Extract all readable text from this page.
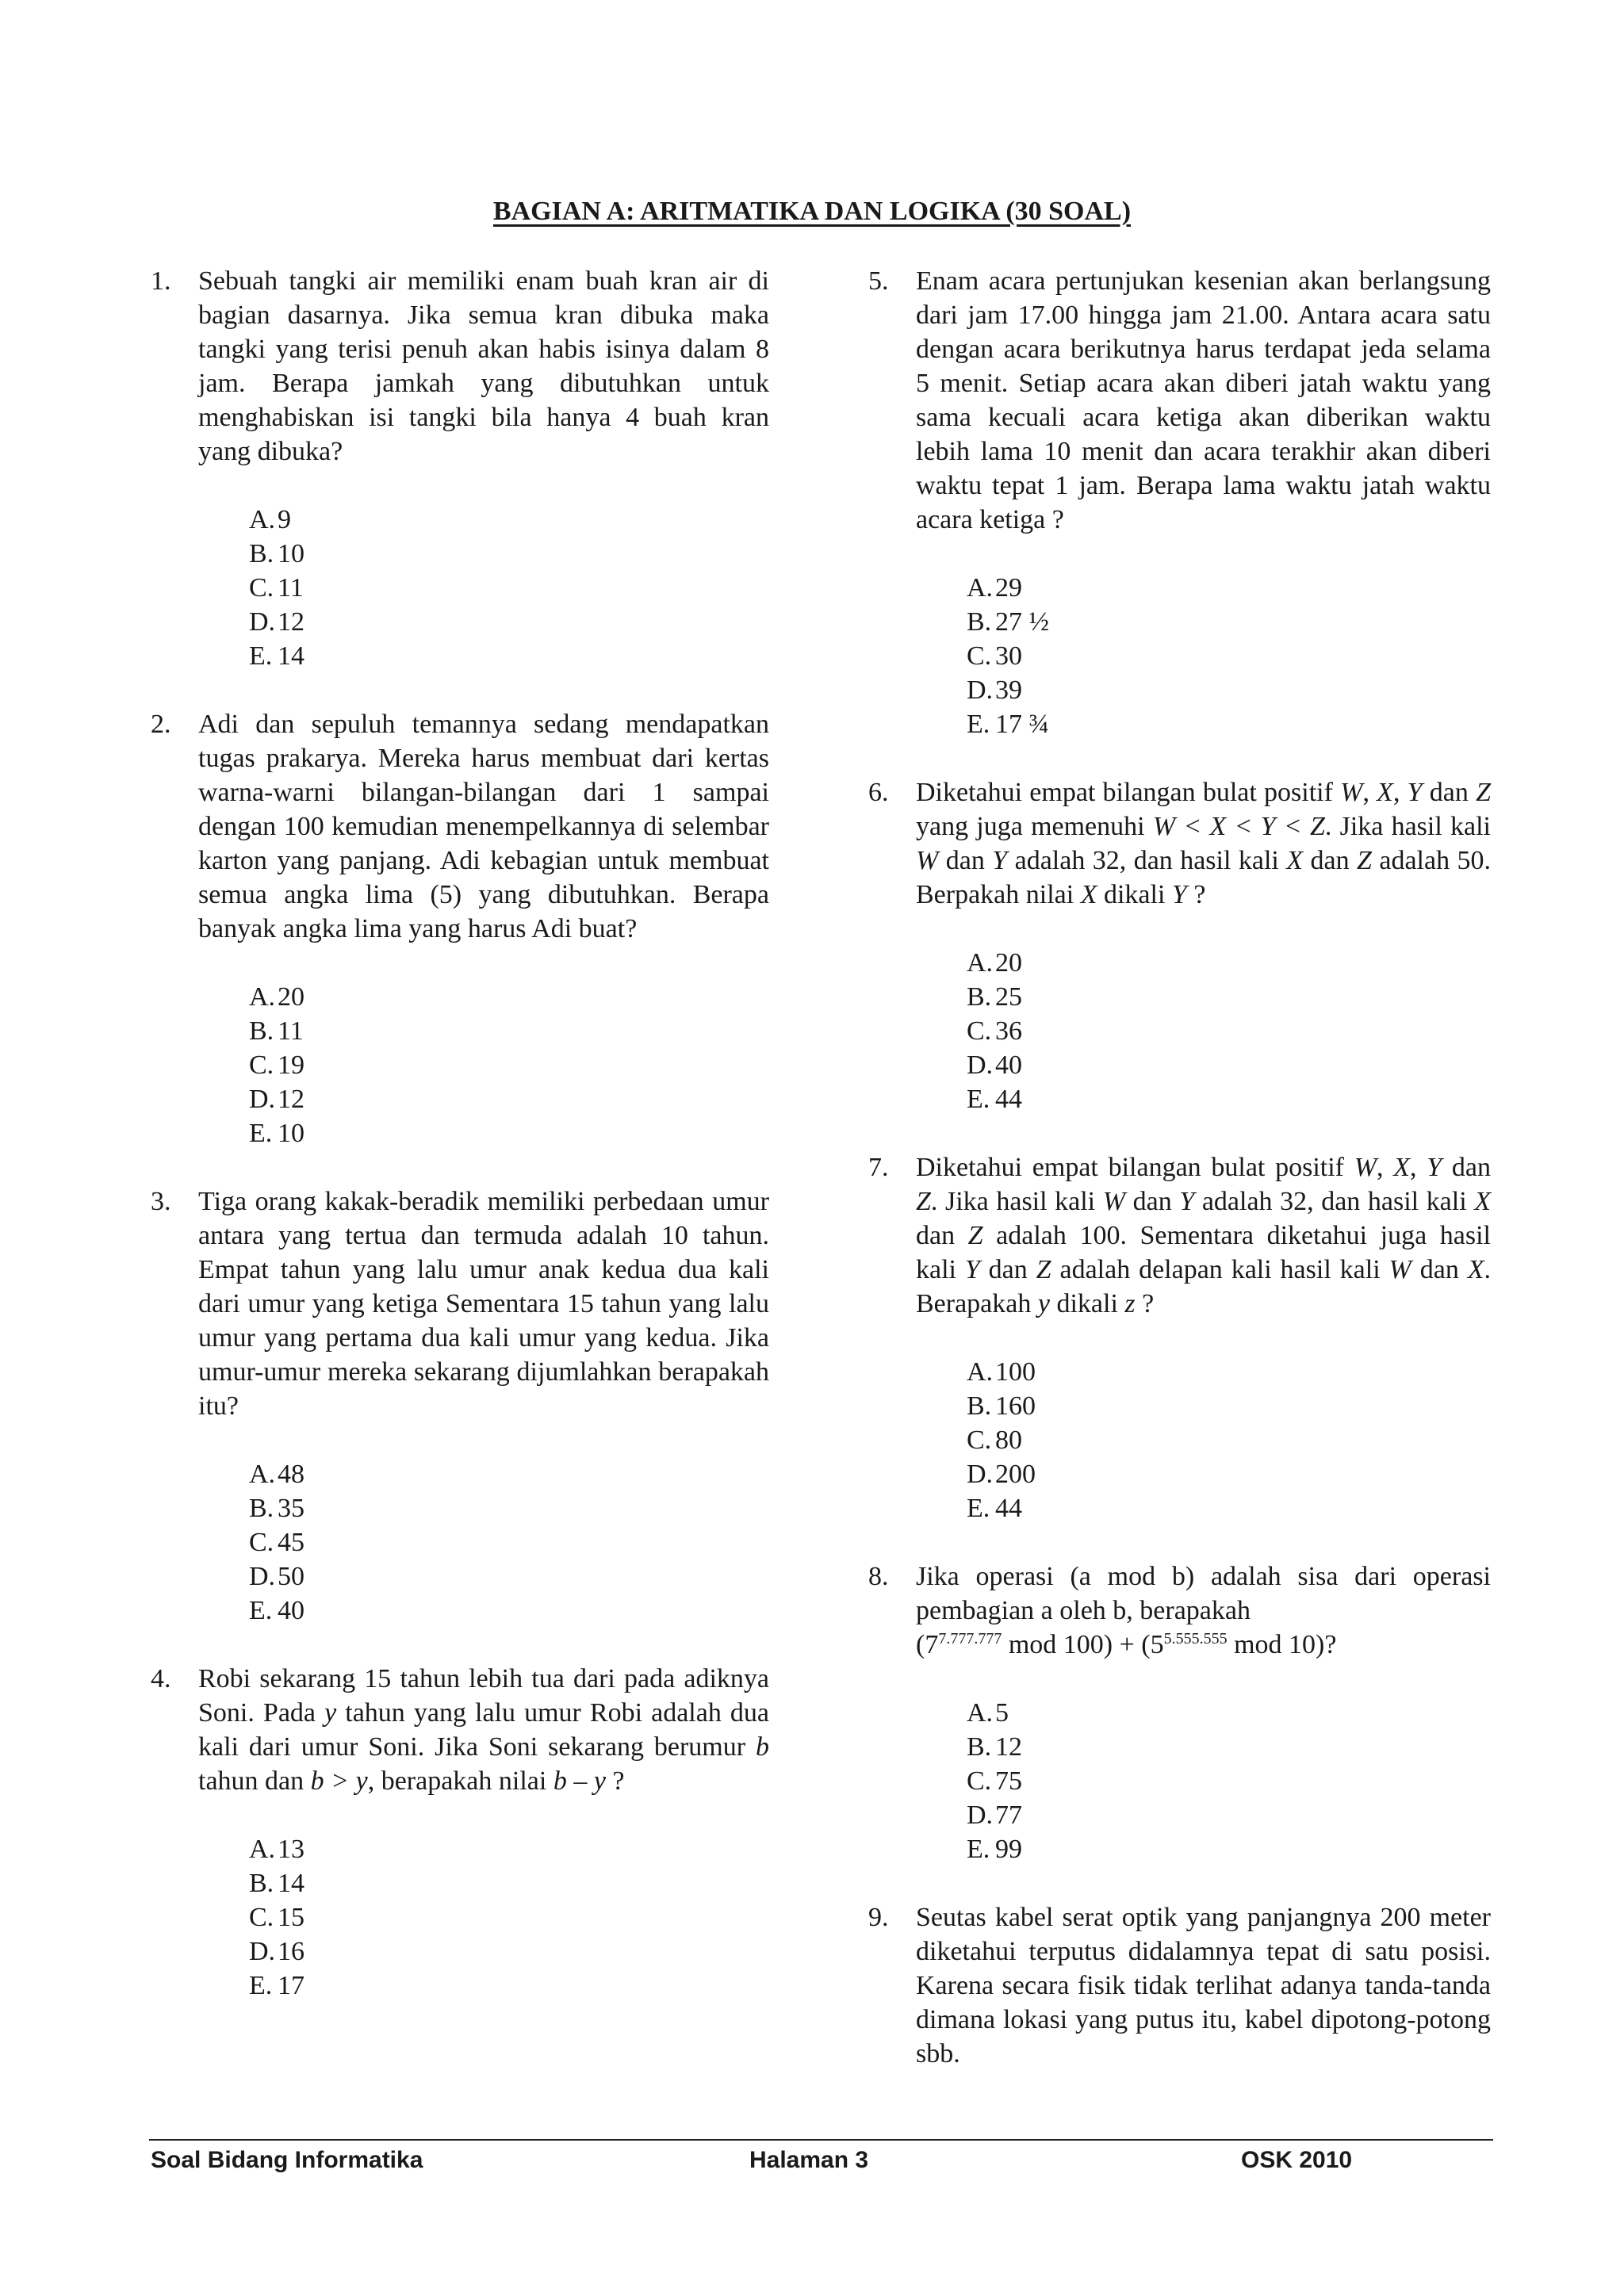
BAGIAN A: ARITMATIKA DAN LOGIKA (30 SOAL)
1.	Sebuah tangki air memiliki enam buah kran air di bagian dasarnya. Jika semua kran dibuka maka tangki yang terisi penuh akan habis isinya dalam 8 jam. Berapa jamkah yang dibutuhkan untuk menghabiskan isi tangki bila hanya 4 buah kran yang dibuka?
A. 9
B. 10
C. 11
D. 12
E. 14
2.	Adi dan sepuluh temannya sedang mendapatkan tugas prakarya. Mereka harus membuat dari kertas warna-warni bilangan-bilangan dari 1 sampai dengan 100 kemudian menempelkannya di selembar karton yang panjang. Adi kebagian untuk membuat semua angka lima (5) yang dibutuhkan. Berapa banyak angka lima yang harus Adi buat?
A. 20
B. 11
C. 19
D. 12
E. 10
3.	Tiga orang kakak-beradik memiliki perbedaan umur antara yang tertua dan termuda adalah 10 tahun. Empat tahun yang lalu umur anak kedua dua kali dari umur yang ketiga Sementara 15 tahun yang lalu umur yang pertama dua kali umur yang kedua. Jika umur-umur mereka sekarang dijumlahkan berapakah itu?
A. 48
B. 35
C. 45
D. 50
E. 40
4.	Robi sekarang 15 tahun lebih tua dari pada adiknya Soni. Pada y tahun yang lalu umur Robi adalah dua kali dari umur Soni. Jika Soni sekarang berumur b tahun dan b > y, berapakah nilai b – y ?
A. 13
B. 14
C. 15
D. 16
E. 17
5.	Enam acara pertunjukan kesenian akan berlangsung dari jam 17.00 hingga jam 21.00. Antara acara satu dengan acara berikutnya harus terdapat jeda selama 5 menit. Setiap acara akan diberi jatah waktu yang sama kecuali acara ketiga akan diberikan waktu lebih lama 10 menit dan acara terakhir akan diberi waktu tepat 1 jam. Berapa lama waktu jatah waktu acara ketiga ?
A. 29
B. 27 ½
C. 30
D. 39
E. 17 ¾
6.	Diketahui empat bilangan bulat positif W, X, Y dan Z yang juga memenuhi W < X < Y < Z. Jika hasil kali W dan Y adalah 32, dan hasil kali X dan Z adalah 50. Berpakah nilai X dikali Y ?
A. 20
B. 25
C. 36
D. 40
E. 44
7.	Diketahui empat bilangan bulat positif W, X, Y dan Z. Jika hasil kali W dan Y adalah 32, dan hasil kali X dan Z adalah 100. Sementara diketahui juga hasil kali Y dan Z adalah delapan kali hasil kali W dan X. Berapakah y dikali z ?
A. 100
B. 160
C. 80
D. 200
E. 44
8.	Jika operasi (a mod b) adalah sisa dari operasi pembagian a oleh b, berapakah
($7^{7.777.777}$ mod $100) + (5^{5.555.555}$ mod 10)?
A. 5
B. 12
C. 75
D. 77
E. 99
9.	Seutas kabel serat optik yang panjangnya 200 meter diketahui terputus didalamnya tepat di satu posisi. Karena secara fisik tidak terlihat adanya tanda-tanda dimana lokasi yang putus itu, kabel dipotong-potong sbb.
Soal Bidang Informatika	Halaman 3	OSK 2010
